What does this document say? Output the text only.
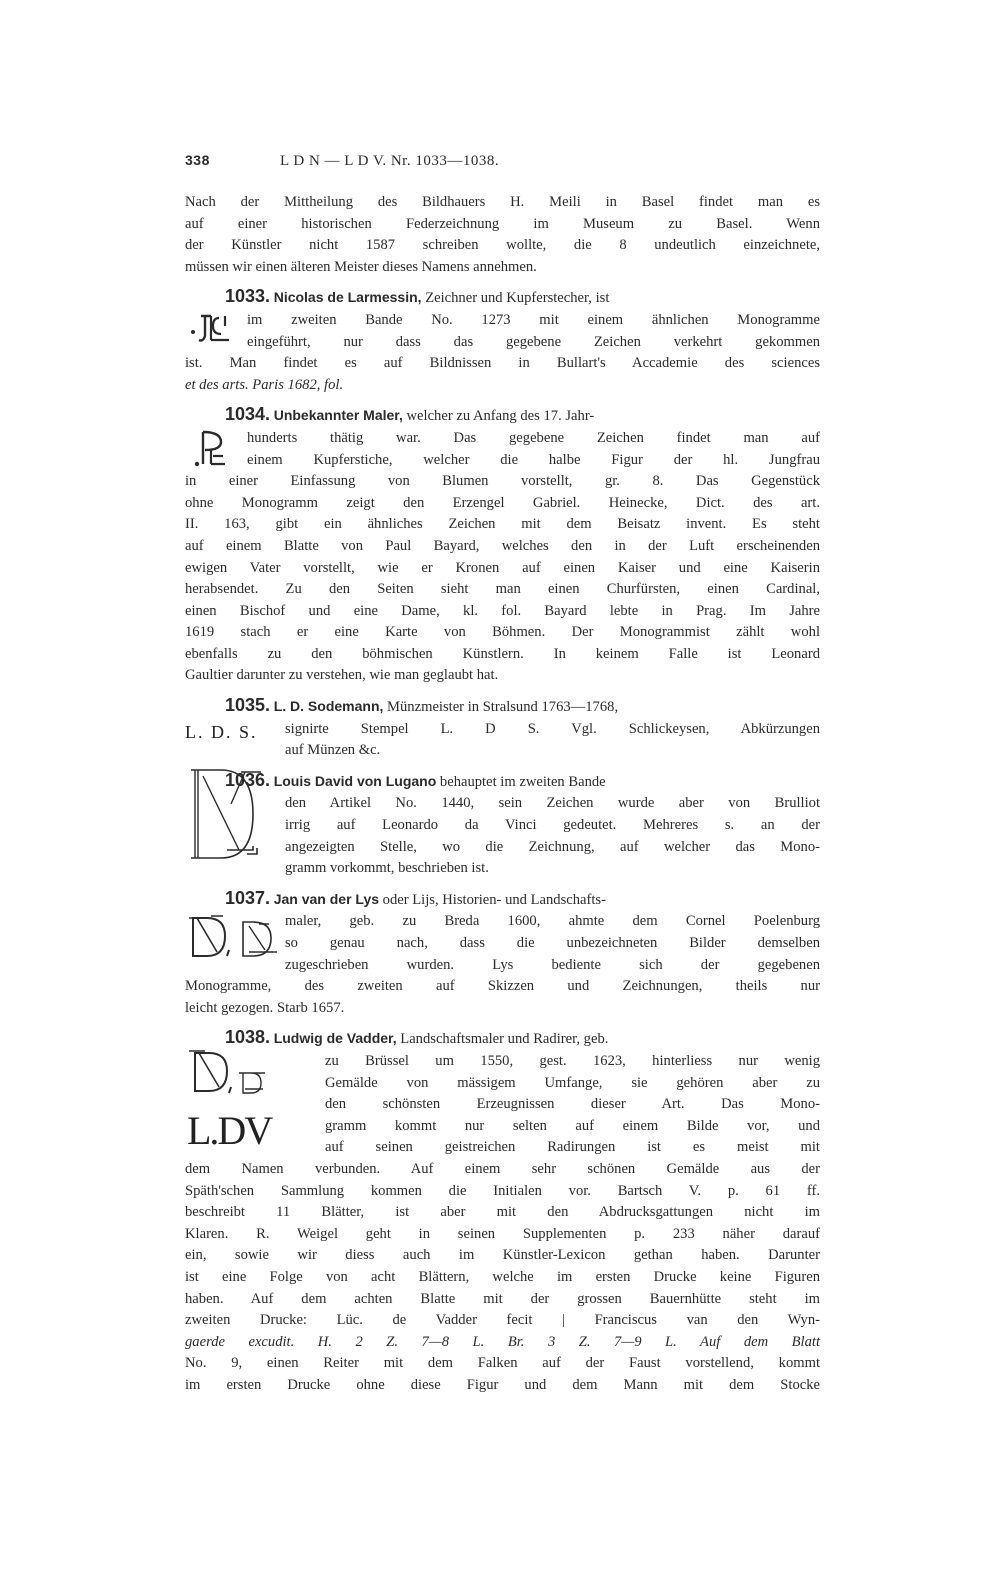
338	L D N — L D V. Nr. 1033—1038.
Nach der Mittheilung des Bildhauers H. Meili in Basel findet man es
auf einer historischen Federzeichnung im Museum zu Basel. Wenn
der Künstler nicht 1587 schreiben wollte, die 8 undeutlich einzeichnete,
müssen wir einen älteren Meister dieses Namens annehmen.
1033. Nicolas de Larmessin, Zeichner und Kupferstecher, ist
im zweiten Bande No. 1273 mit einem ähnlichen Monogramme
eingeführt, nur dass das gegebene Zeichen verkehrt gekommen
ist. Man findet es auf Bildnissen in Bullart's Accademie des sciences
et des arts. Paris 1682, fol.
1034. Unbekannter Maler, welcher zu Anfang des 17. Jahr-
hunderts thätig war. Das gegebene Zeichen findet man auf
einem Kupferstiche, welcher die halbe Figur der hl. Jungfrau
in einer Einfassung von Blumen vorstellt, gr. 8. Das Gegenstück
ohne Monogramm zeigt den Erzengel Gabriel. Heinecke, Dict. des art.
II. 163, gibt ein ähnliches Zeichen mit dem Beisatz invent. Es steht
auf einem Blatte von Paul Bayard, welches den in der Luft erscheinenden
ewigen Vater vorstellt, wie er Kronen auf einen Kaiser und eine Kaiserin
herabsendet. Zu den Seiten sieht man einen Churfürsten, einen Cardinal,
einen Bischof und eine Dame, kl. fol. Bayard lebte in Prag. Im Jahre
1619 stach er eine Karte von Böhmen. Der Monogrammist zählt wohl
ebenfalls zu den böhmischen Künstlern. In keinem Falle ist Leonard
Gaultier darunter zu verstehen, wie man geglaubt hat.
1035. L. D. Sodemann, Münzmeister in Stralsund 1763—1768,
L. D. S. signirte Stempel L. D S. Vgl. Schlickeysen, Abkürzungen
auf Münzen &c.
1036. Louis David von Lugano behauptet im zweiten Bande
den Artikel No. 1440, sein Zeichen wurde aber von Brulliot
irrig auf Leonardo da Vinci gedeutet. Mehreres s. an der
angezeigten Stelle, wo die Zeichnung, auf welcher das Mono-
gramm vorkommt, beschrieben ist.
1037. Jan van der Lys oder Lijs, Historien- und Landschafts-
maler, geb. zu Breda 1600, ahmte dem Cornel Poelenburg
so genau nach, dass die unbezeichneten Bilder demselben
zugeschrieben wurden. Lys bediente sich der gegebenen
Monogramme, des zweiten auf Skizzen und Zeichnungen, theils nur
leicht gezogen. Starb 1657.
1038. Ludwig de Vadder, Landschaftsmaler und Radirer, geb.
L.DV
zu Brüssel um 1550, gest. 1623, hinterliess nur wenig
Gemälde von mässigem Umfange, sie gehören aber zu
den schönsten Erzeugnissen dieser Art. Das Mono-
gramm kommt nur selten auf einem Bilde vor, und
auf seinen geistreichen Radirungen ist es meist mit
dem Namen verbunden. Auf einem sehr schönen Gemälde aus der
Späth'schen Sammlung kommen die Initialen vor. Bartsch V. p. 61 ff.
beschreibt 11 Blätter, ist aber mit den Abdrucksgattungen nicht im
Klaren. R. Weigel geht in seinen Supplementen p. 233 näher darauf
ein, sowie wir diess auch im Künstler-Lexicon gethan haben. Darunter
ist eine Folge von acht Blättern, welche im ersten Drucke keine Figuren
haben. Auf dem achten Blatte mit der grossen Bauernhütte steht im
zweiten Drucke: Lüc. de Vadder fecit | Franciscus van den Wyn-
gaerde excudit. H. 2 Z. 7—8 L. Br. 3 Z. 7—9 L. Auf dem Blatt
No. 9, einen Reiter mit dem Falken auf der Faust vorstellend, kommt
im ersten Drucke ohne diese Figur und dem Mann mit dem Stocke
